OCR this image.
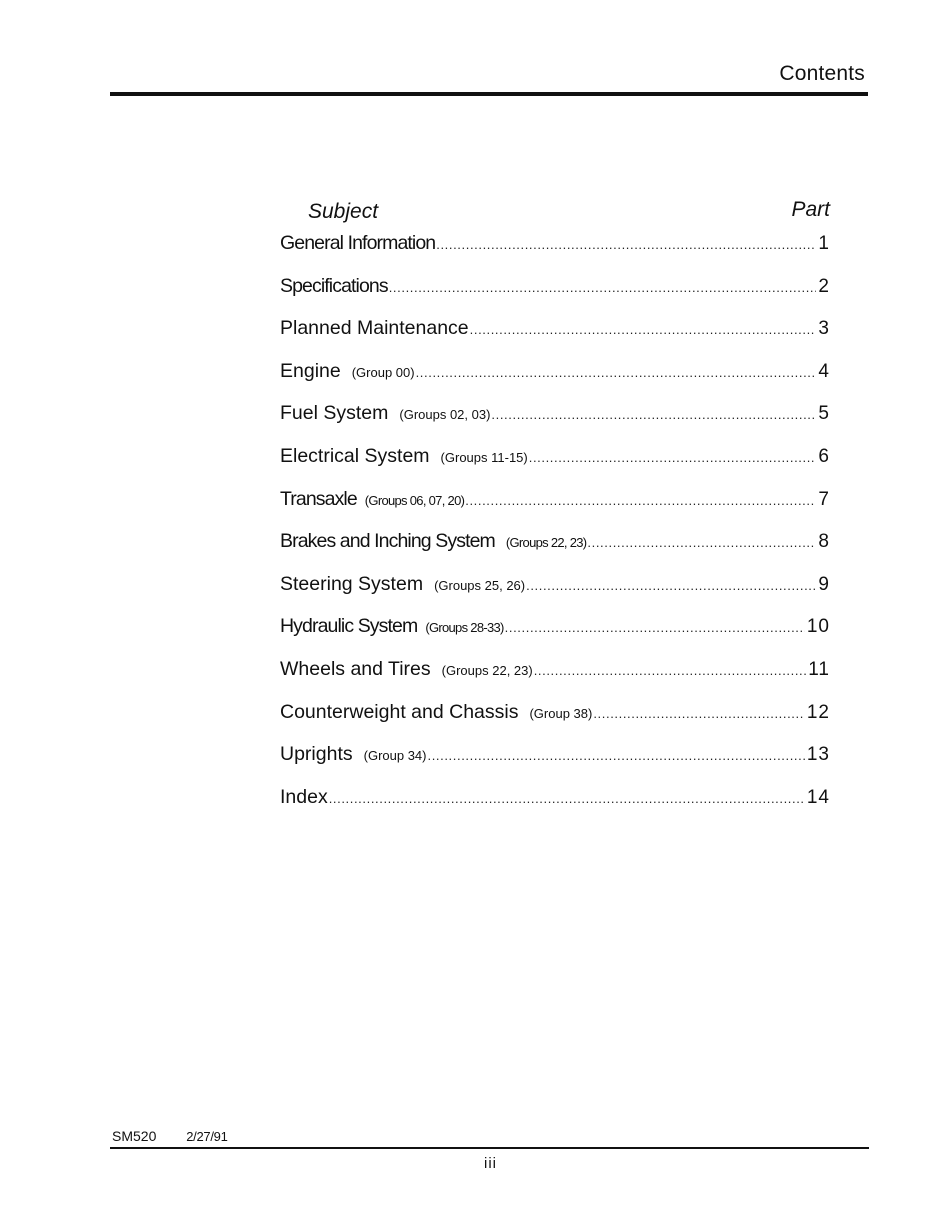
Contents
Subject	Part
General Information .....	1
Specifications .....	2
Planned Maintenance .....	3
Engine (Group 00) .....	4
Fuel System (Groups 02, 03) .....	5
Electrical System (Groups 11-15) .....	6
Transaxle (Groups 06, 07, 20) .....	7
Brakes and Inching System (Groups 22, 23) .....	8
Steering System (Groups 25, 26) .....	9
Hydraulic System (Groups 28-33) .....	10
Wheels and Tires (Groups 22, 23) .....	11
Counterweight and Chassis (Group 38) .....	12
Uprights (Group 34) .....	13
Index .....	14
SM520 2/27/91
iii
